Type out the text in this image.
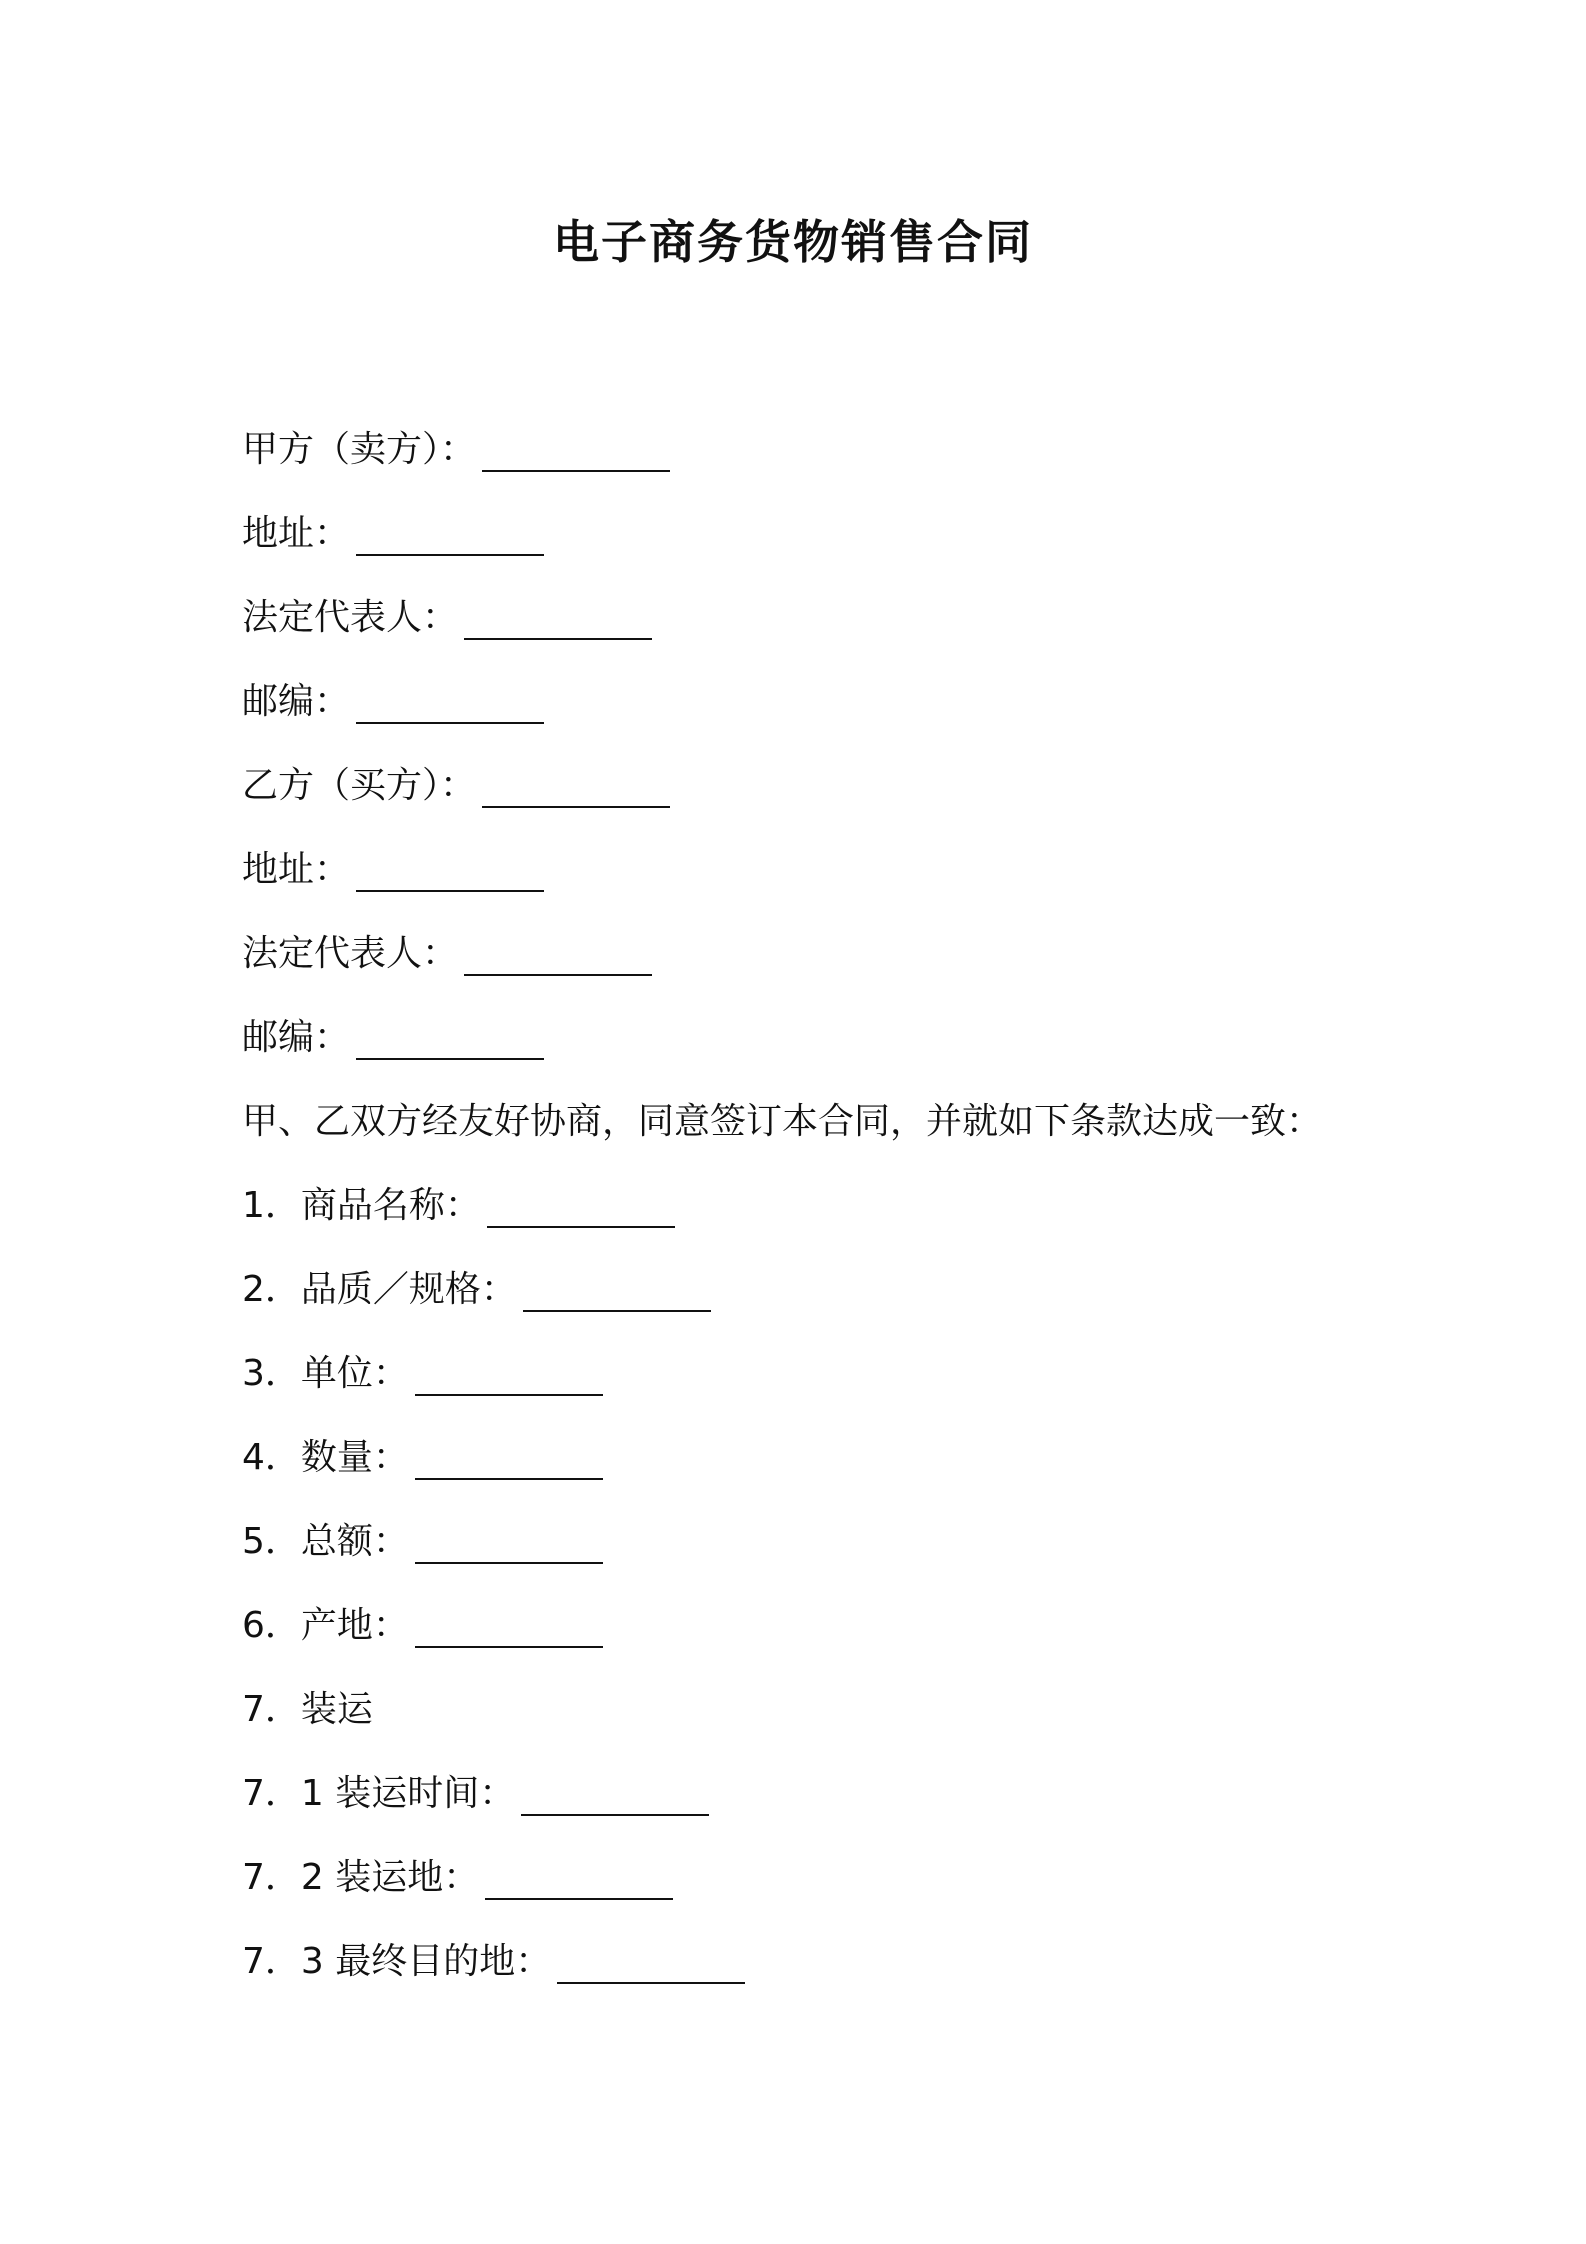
电子商务货物销售合同
甲方（卖方）：
地址：
法定代表人：
邮编：
乙方（买方）：
地址：
法定代表人：
邮编：
甲、乙双方经友好协商，同意签订本合同，并就如下条款达成一致：
1．商品名称：
2．品质／规格：
3．单位：
4．数量：
5．总额：
6．产地：
7．装运
7．1 装运时间：
7．2 装运地：
7．3 最终目的地：
